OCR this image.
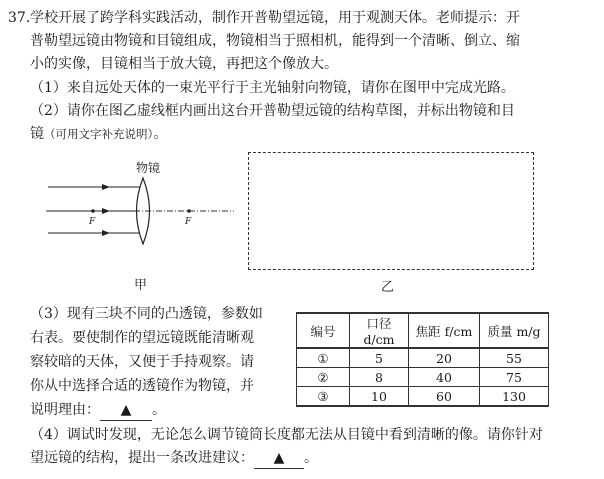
37. 学校开展了跨学科实践活动，制作开普勒望远镜，用于观测天体。老师提示：开
普勒望远镜由物镜和目镜组成，物镜相当于照相机，能得到一个清晰、倒立、缩
小的实像，目镜相当于放大镜，再把这个像放大。
（1）来自远处天体的一束光平行于主光轴射向物镜，请你在图甲中完成光路。
（2）请你在图乙虚线框内画出这台开普勒望远镜的结构草图，并标出物镜和目
镜（可用文字补充说明）。
物镜
F	F
甲	乙
（3）现有三块不同的凸透镜，参数如
右表。要使制作的望远镜既能清晰观
察较暗的天体，又便于手持观察。请
你从中选择合适的透镜作为物镜，并
说明理由： ▲ 。
编号	口径 d/cm	焦距 f/cm	质量 m/g
①	5	20	55
②	8	40	75
③	10	60	130
（4）调试时发现，无论怎么调节镜筒长度都无法从目镜中看到清晰的像。请你针对
望远镜的结构，提出一条改进建议： ▲ 。
